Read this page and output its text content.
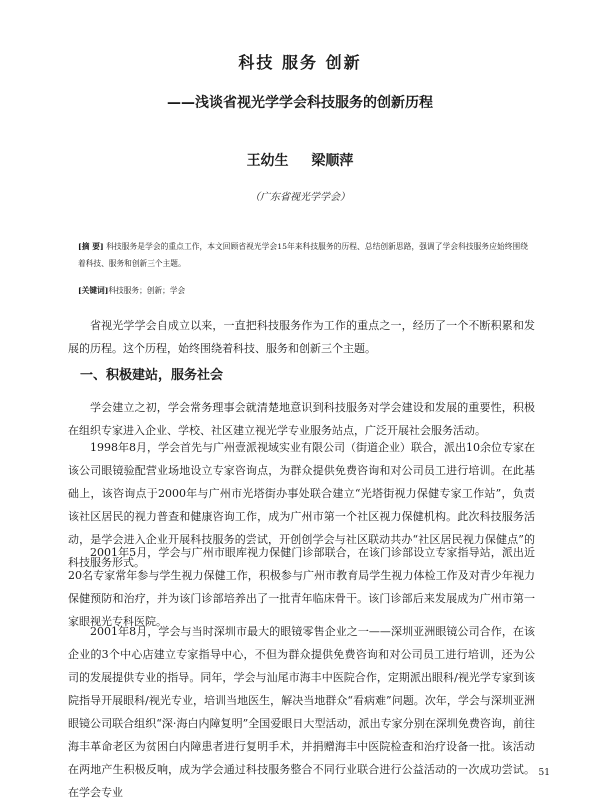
科技 服务 创新
——浅谈省视光学学会科技服务的创新历程
王幼生 梁顺萍
（广东省视光学学会）

[摘 要] 科技服务是学会的重点工作，本文回顾省视光学会15年来科技服务的历程、总结创新思路，强调了学会科技服务应始终围绕着科技、服务和创新三个主题。

[关键词]科技服务；创新；学会

省视光学学会自成立以来，一直把科技服务作为工作的重点之一，经历了一个不断积累和发展的历程。这个历程，始终围绕着科技、服务和创新三个主题。

一、积极建站，服务社会

学会建立之初，学会常务理事会就清楚地意识到科技服务对学会建设和发展的重要性，积极在组织专家进入企业、学校、社区建立视光学专业服务站点，广泛开展社会服务活动。

1998年8月，学会首先与广州壹派视域实业有限公司（街道企业）联合，派出10余位专家在该公司眼镜验配营业场地设立专家咨询点，为群众提供免费咨询和对公司员工进行培训。在此基础上，该咨询点于2000年与广州市光塔街办事处联合建立“光塔街视力保健专家工作站”，负责该社区居民的视力普查和健康咨询工作，成为广州市第一个社区视力保健机构。此次科技服务活动，是学会进入企业开展科技服务的尝试，开创创学会与社区联动共办“社区居民视力保健点”的科技服务形式。

2001年5月，学会与广州市眼库视力保健门诊部联合，在该门诊部设立专家指导站，派出近20名专家常年参与学生视力保健工作，积极参与广州市教育局学生视力体检工作及对青少年视力保健预防和治疗，并为该门诊部培养出了一批青年临床骨干。该门诊部后来发展成为广州市第一家眼视光专科医院。

2001年8月，学会与当时深圳市最大的眼镜零售企业之一——深圳亚洲眼镜公司合作，在该企业的3个中心店建立专家指导中心，不但为群众提供免费咨询和对公司员工进行培训，还为公司的发展提供专业的指导。同年，学会与汕尾市海丰中医院合作，定期派出眼科/视光学专家到该院指导开展眼科/视光专业，培训当地医生，解决当地群众“看病难”问题。次年，学会与深圳亚洲眼镜公司联合组织“深·海白内障复明”全国爱眼日大型活动，派出专家分别在深圳免费咨询，前往海丰革命老区为贫困白内障患者进行复明手术，并捐赠海丰中医院检查和治疗设备一批。该活动在两地产生积极反响，成为学会通过科技服务整合不同行业联合进行公益活动的一次成功尝试。在学会专业

51
